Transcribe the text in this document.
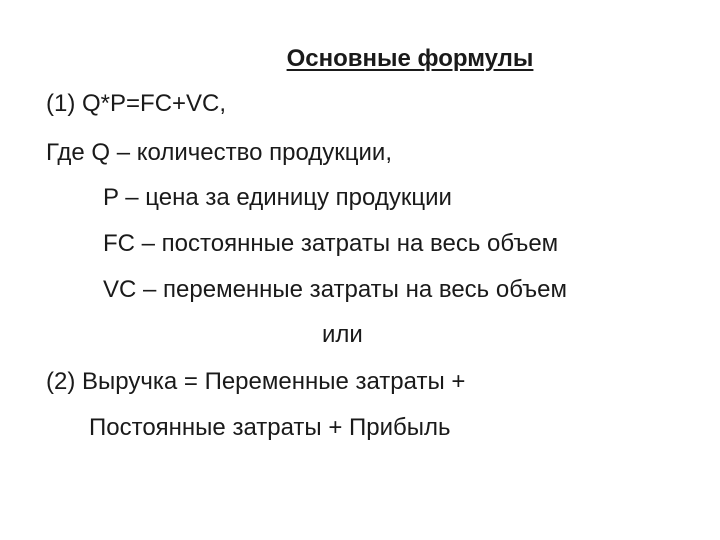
Основные формулы
(1) Q*P=FC+VC,
Где Q – количество продукции,
P – цена за единицу продукции
FC – постоянные затраты на весь объем
VC – переменные затраты на весь объем
или
(2) Выручка = Переменные затраты +
Постоянные затраты + Прибыль
